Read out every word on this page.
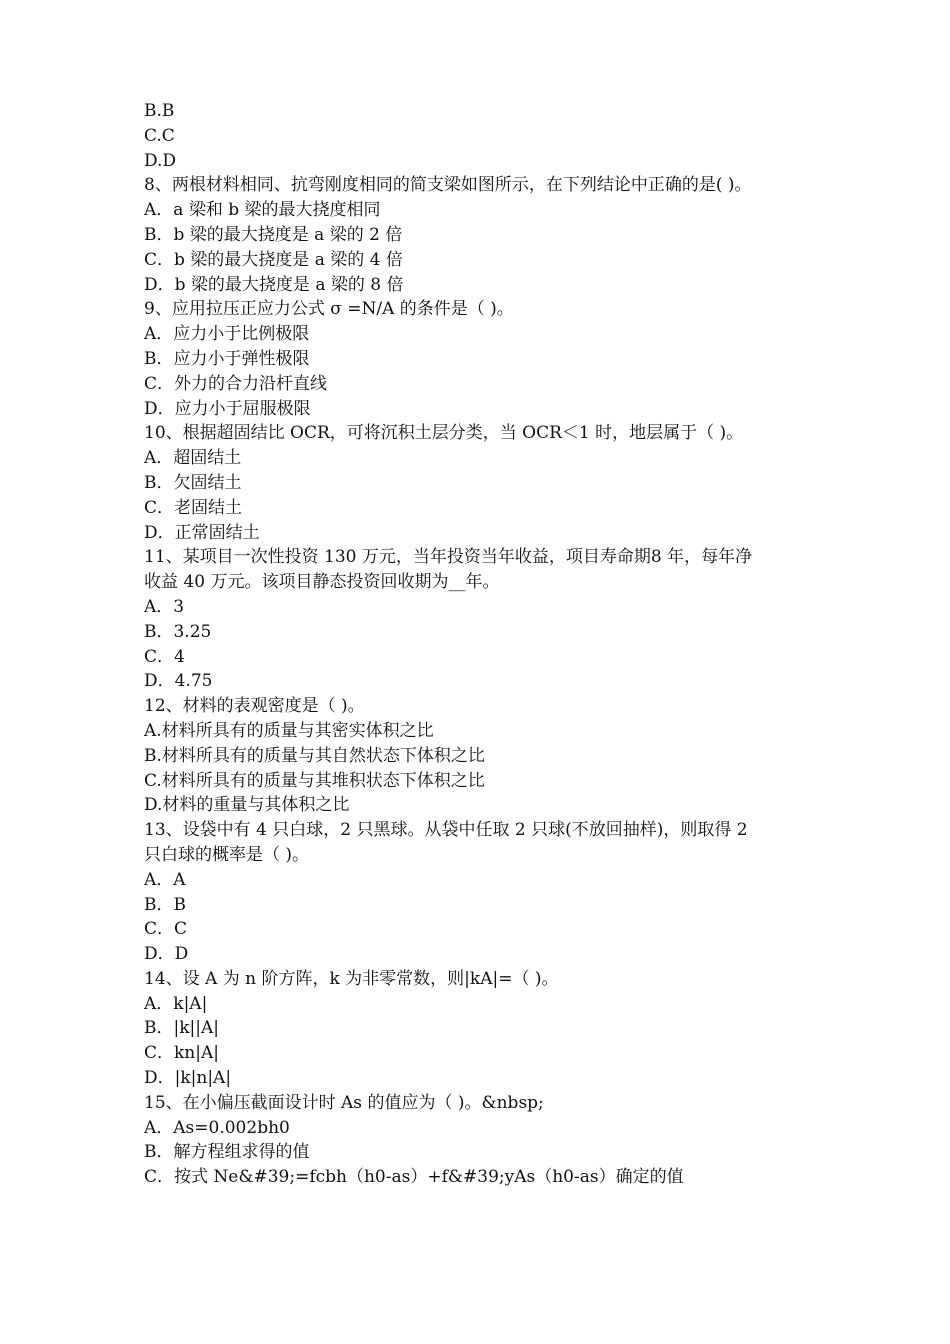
B.B
C.C
D.D
8、两根材料相同、抗弯刚度相同的简支梁如图所示，在下列结论中正确的是( )。
A．a 梁和 b 梁的最大挠度相同
B．b 梁的最大挠度是 a 梁的 2 倍
C．b 梁的最大挠度是 a 梁的 4 倍
D．b 梁的最大挠度是 a 梁的 8 倍
9、应用拉压正应力公式 σ =N/A 的条件是（ )。
A．应力小于比例极限
B．应力小于弹性极限
C．外力的合力沿杆直线
D．应力小于屈服极限
10、根据超固结比 OCR，可将沉积土层分类，当 OCR＜1 时，地层属于（ )。
A．超固结土
B．欠固结土
C．老固结土
D．正常固结土
11、某项目一次性投资 130 万元，当年投资当年收益，项目寿命期8 年，每年净
收益 40 万元。该项目静态投资回收期为__年。
A．3
B．3.25
C．4
D．4.75
12、材料的表观密度是（ )。
A.材料所具有的质量与其密实体积之比
B.材料所具有的质量与其自然状态下体积之比
C.材料所具有的质量与其堆积状态下体积之比
D.材料的重量与其体积之比
13、设袋中有 4 只白球，2 只黑球。从袋中任取 2 只球(不放回抽样)，则取得 2
只白球的概率是（ )。
A．A
B．B
C．C
D．D
14、设 A 为 n 阶方阵，k 为非零常数，则|kA|=（ )。
A．k|A|
B．|k||A|
C．kn|A|
D．|k|n|A|
15、在小偏压截面设计时 As 的值应为（ )。&nbsp;
A．As=0.002bh0
B．解方程组求得的值
C．按式 Ne&#39;=fcbh（h0-as）+f&#39;yAs（h0-as）确定的值
